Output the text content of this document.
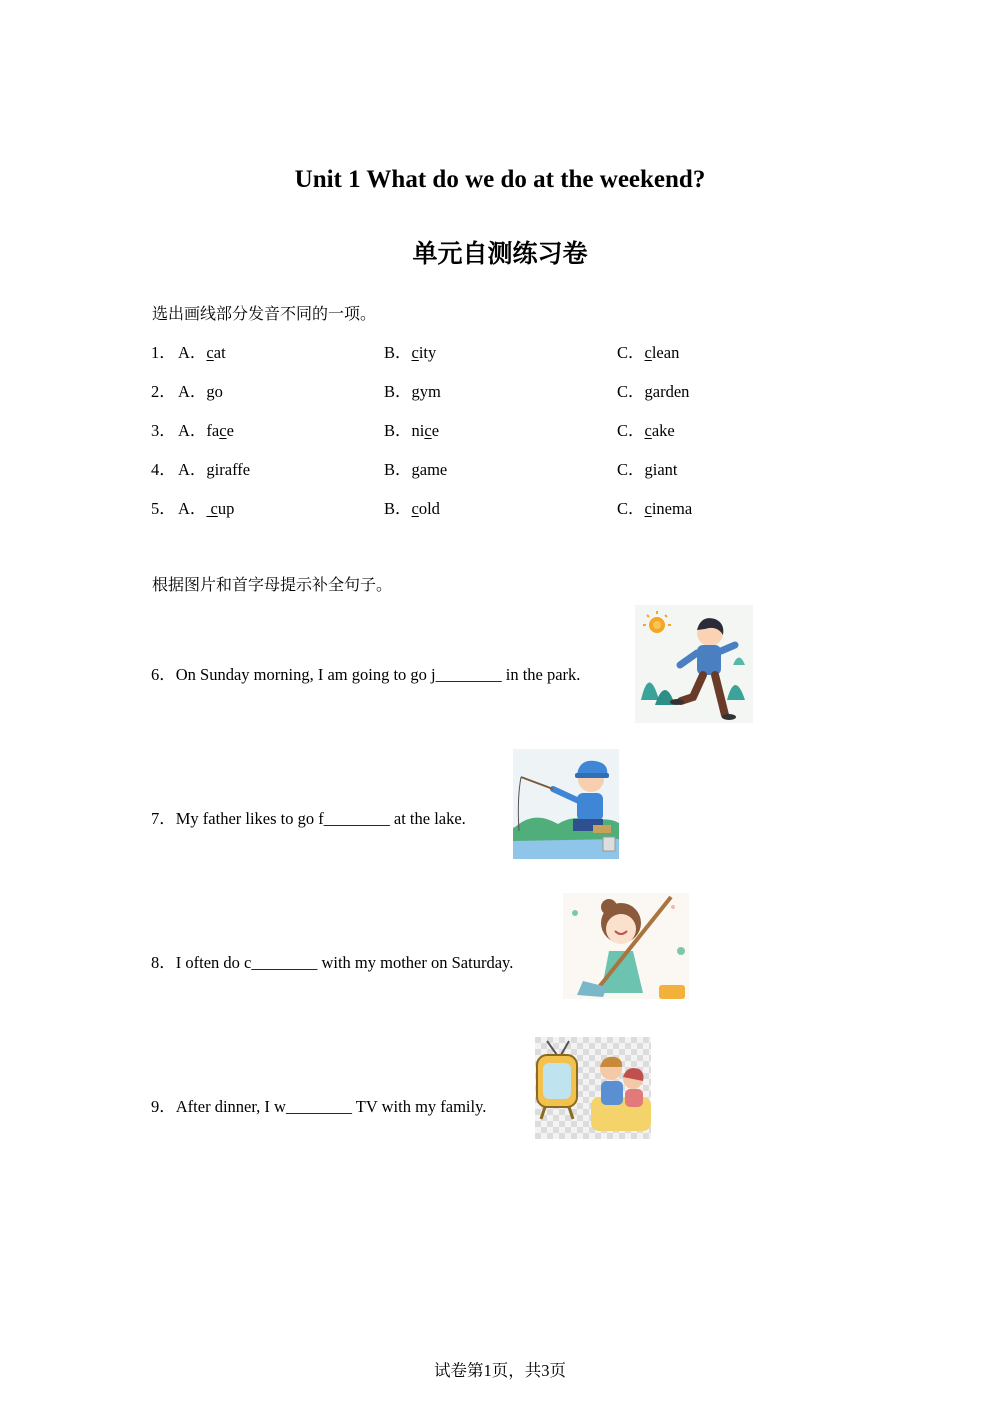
Unit 1 What do we do at the weekend?
单元自测练习卷
选出画线部分发音不同的一项。
1． A．cat	B．city	C．clean
2． A．go	B．gym	C．garden
3． A．face	B．nice	C．cake
4． A．giraffe	B．game	C．giant
5． A． cup	B．cold	C．cinema
根据图片和首字母提示补全句子。
6．On Sunday morning, I am going to go j________ in the park.
7．My father likes to go f________ at the lake.
8．I often do c________ with my mother on Saturday.
9．After dinner, I w________ TV with my family.
试卷第1页，共3页
